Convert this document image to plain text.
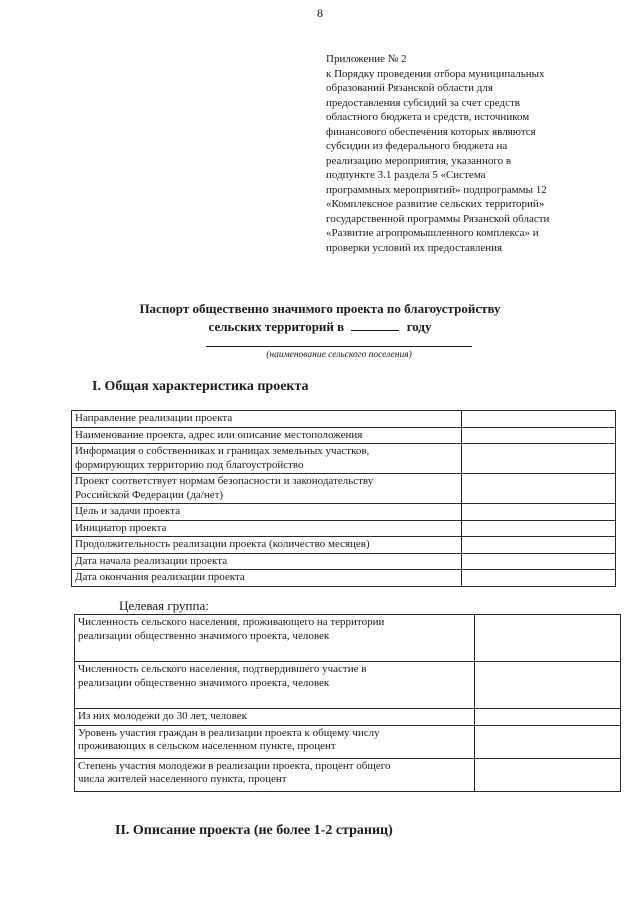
8
Приложение № 2
к Порядку проведения отбора муниципальных
образований Рязанской области для
предоставления субсидий за счет средств
областного бюджета и средств, источником
финансового обеспечения которых являются
субсидии из федерального бюджета на
реализацию мероприятия, указанного в
подпункте 3.1 раздела 5 «Система
программных мероприятий» подпрограммы 12
«Комплексное развитие сельских территорий»
государственной программы Рязанской области
«Развитие агропромышленного комплекса» и
проверки условий их предоставления
Паспорт общественно значимого проекта по благоустройству
сельских территорий в	году
(наименование сельского поселения)
I. Общая характеристика проекта
Направление реализации проекта	

Наименование проекта, адрес или описание местоположения	

Информация о собственниках и границах земельных участков,
формирующих территорию под благоустройство	

Проект соответствует нормам безопасности и законодательству
Российской Федерации (да/нет)	

Цель и задачи проекта	

Инициатор проекта	

Продолжительность реализации проекта (количество месяцев)	

Дата начала реализации проекта	

Дата окончания реализации проекта	

Целевая группа:
Численность сельского населения, проживающего на территории
реализации общественно значимого проекта, человек	

Численность сельского населения, подтвердившего участие в
реализации общественно значимого проекта, человек	

Из них молодежи до 30 лет, человек	

Уровень участия граждан в реализации проекта к общему числу
проживающих в сельском населенном пункте, процент	

Степень участия молодежи в реализации проекта, процент общего
числа жителей населенного пункта, процент	

II. Описание проекта (не более 1-2 страниц)
